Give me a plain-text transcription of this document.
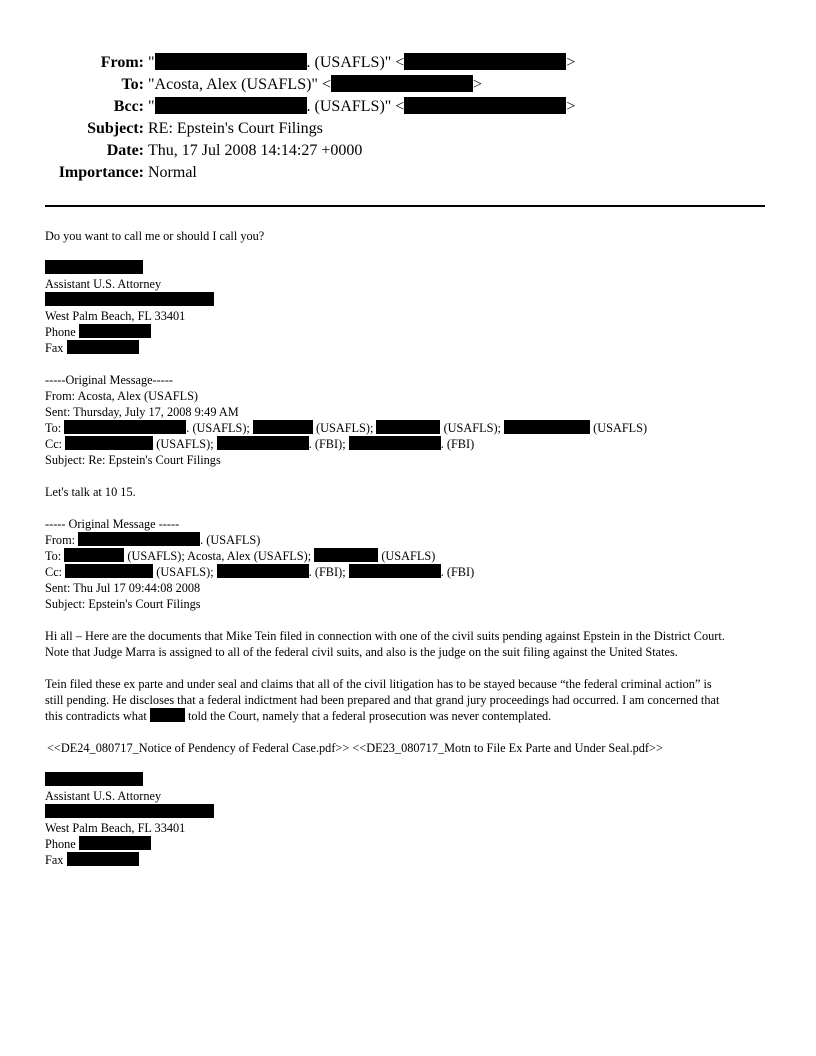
From: "	. (USAFLS)" <	>
To: "Acosta, Alex (USAFLS)" <	>
Bcc: "	. (USAFLS)" <	>
Subject: RE: Epstein's Court Filings
Date: Thu, 17 Jul 2008 14:14:27 +0000
Importance: Normal
Do you want to call me or should I call you?
Assistant U.S. Attorney
West Palm Beach, FL 33401
Phone
Fax
-----Original Message-----
From: Acosta, Alex (USAFLS)
Sent: Thursday, July 17, 2008 9:49 AM
To:	. (USAFLS);	(USAFLS);	(USAFLS);	(USAFLS)
Cc:	(USAFLS);	. (FBI);	. (FBI)
Subject: Re: Epstein's Court Filings
Let's talk at 10 15.
----- Original Message -----
From:	. (USAFLS)
To:	(USAFLS); Acosta, Alex (USAFLS);	(USAFLS)
Cc:	(USAFLS);	. (FBI);	. (FBI)
Sent: Thu Jul 17 09:44:08 2008
Subject: Epstein's Court Filings
Hi all – Here are the documents that Mike Tein filed in connection with one of the civil suits pending against Epstein in the District Court.
Note that Judge Marra is assigned to all of the federal civil suits, and also is the judge on the suit filing against the United States.
Tein filed these ex parte and under seal and claims that all of the civil litigation has to be stayed because “the federal criminal action” is
still pending. He discloses that a federal indictment had been prepared and that grand jury proceedings had occurred. I am concerned that
this contradicts what	told the Court, namely that a federal prosecution was never contemplated.
<<DE24_080717_Notice of Pendency of Federal Case.pdf>> <<DE23_080717_Motn to File Ex Parte and Under Seal.pdf>>
Assistant U.S. Attorney
West Palm Beach, FL 33401
Phone
Fax
